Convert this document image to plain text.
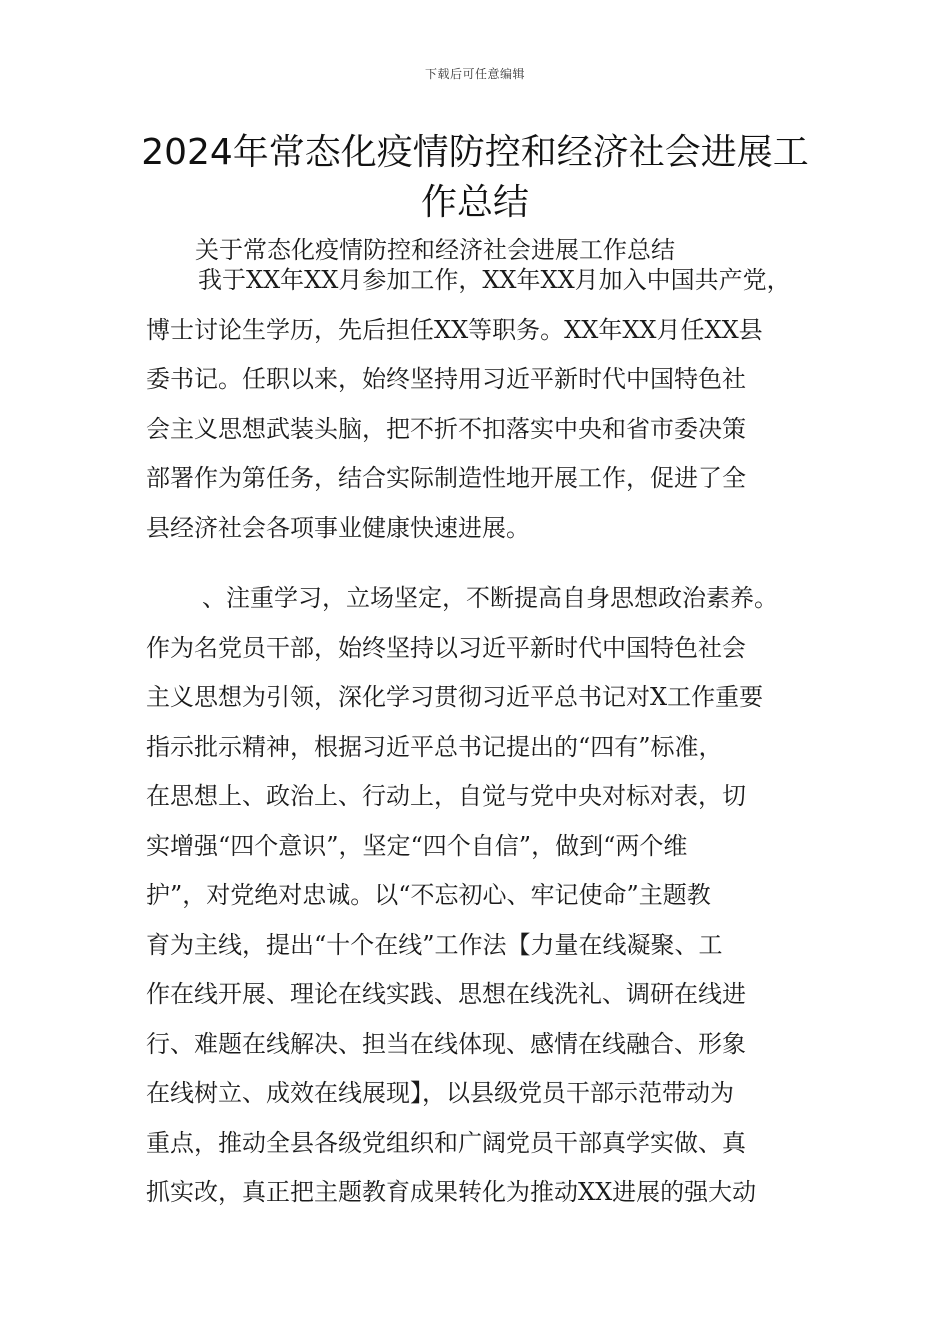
下载后可任意编辑
2024年常态化疫情防控和经济社会进展工
作总结
关于常态化疫情防控和经济社会进展工作总结
我于XX年XX月参加工作，XX年XX月加入中国共产党，
博士讨论生学历，先后担任XX等职务。XX年XX月任XX县
委书记。任职以来，始终坚持用习近平新时代中国特色社
会主义思想武装头脑，把不折不扣落实中央和省市委决策
部署作为第任务，结合实际制造性地开展工作，促进了全
县经济社会各项事业健康快速进展。
、注重学习，立场坚定，不断提高自身思想政治素养。
作为名党员干部，始终坚持以习近平新时代中国特色社会
主义思想为引领，深化学习贯彻习近平总书记对X工作重要
指示批示精神，根据习近平总书记提出的“四有”标准，
在思想上、政治上、行动上，自觉与党中央对标对表，切
实增强“四个意识”，坚定“四个自信”，做到“两个维
护”，对党绝对忠诚。以“不忘初心、牢记使命”主题教
育为主线，提出“十个在线”工作法【力量在线凝聚、工
作在线开展、理论在线实践、思想在线洗礼、调研在线进
行、难题在线解决、担当在线体现、感情在线融合、形象
在线树立、成效在线展现】，以县级党员干部示范带动为
重点，推动全县各级党组织和广阔党员干部真学实做、真
抓实改，真正把主题教育成果转化为推动XX进展的强大动
